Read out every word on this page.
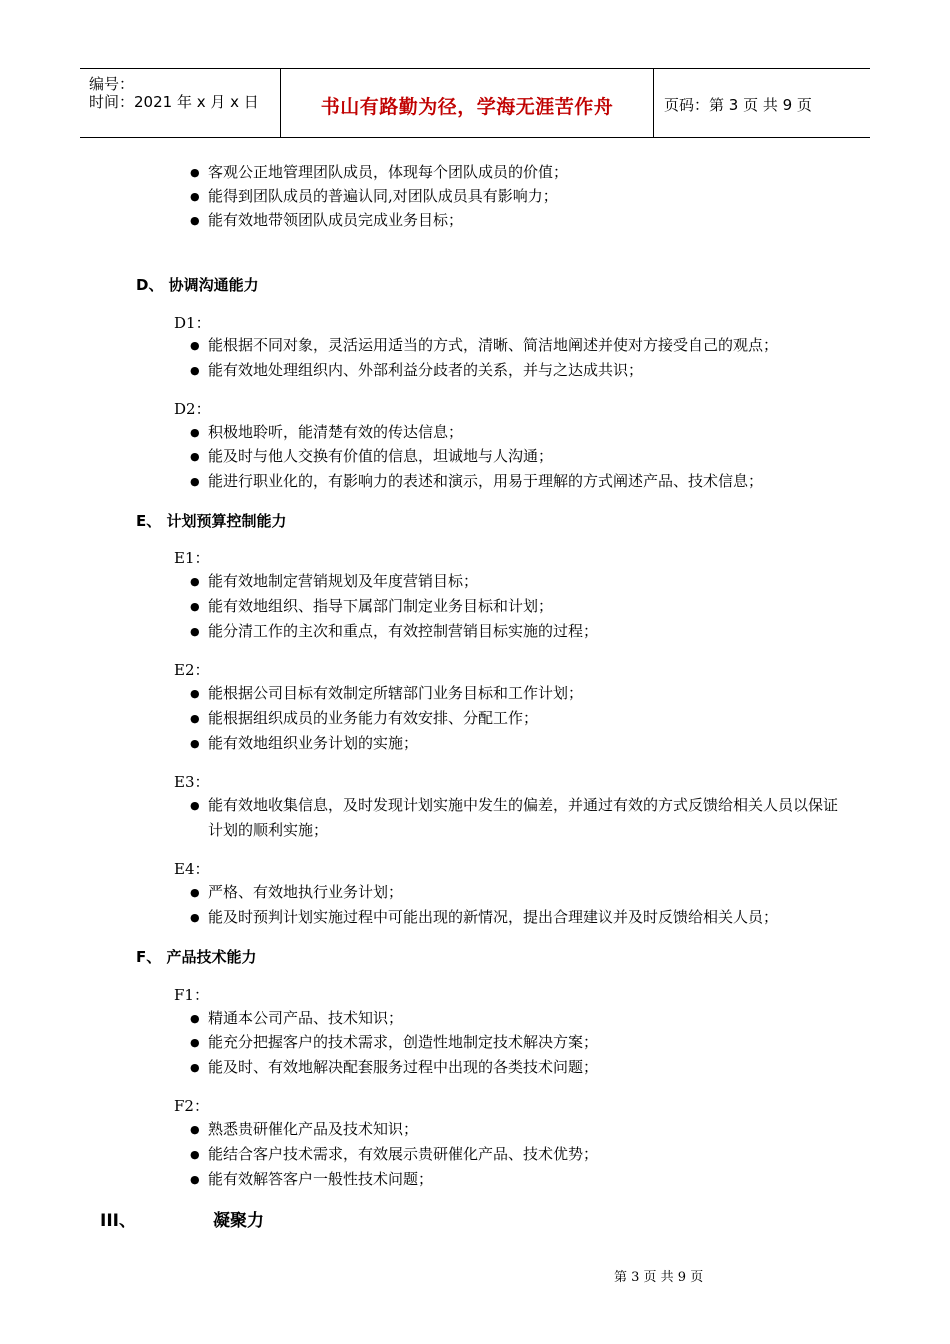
编号：
时间：2021 年 x 月 x 日	书山有路勤为径，学海无涯苦作舟	页码：第 3 页 共 9 页
● 客观公正地管理团队成员，体现每个团队成员的价值；
● 能得到团队成员的普遍认同,对团队成员具有影响力；
● 能有效地带领团队成员完成业务目标；
D、 协调沟通能力
D1：
● 能根据不同对象，灵活运用适当的方式，清晰、简洁地阐述并使对方接受自己的观点；
● 能有效地处理组织内、外部利益分歧者的关系，并与之达成共识；
D2：
● 积极地聆听，能清楚有效的传达信息；
● 能及时与他人交换有价值的信息，坦诚地与人沟通；
● 能进行职业化的，有影响力的表述和演示，用易于理解的方式阐述产品、技术信息；
E、 计划预算控制能力
E1：
● 能有效地制定营销规划及年度营销目标；
● 能有效地组织、指导下属部门制定业务目标和计划；
● 能分清工作的主次和重点，有效控制营销目标实施的过程；
E2：
● 能根据公司目标有效制定所辖部门业务目标和工作计划；
● 能根据组织成员的业务能力有效安排、分配工作；
● 能有效地组织业务计划的实施；
E3：
● 能有效地收集信息，及时发现计划实施中发生的偏差，并通过有效的方式反馈给相关人员以保证计划的顺利实施；
E4：
● 严格、有效地执行业务计划；
● 能及时预判计划实施过程中可能出现的新情况，提出合理建议并及时反馈给相关人员；
F、 产品技术能力
F1：
● 精通本公司产品、技术知识；
● 能充分把握客户的技术需求，创造性地制定技术解决方案；
● 能及时、有效地解决配套服务过程中出现的各类技术问题；
F2：
● 熟悉贵研催化产品及技术知识；
● 能结合客户技术需求，有效展示贵研催化产品、技术优势；
● 能有效解答客户一般性技术问题；
III、	凝聚力
第 3 页 共 9 页
